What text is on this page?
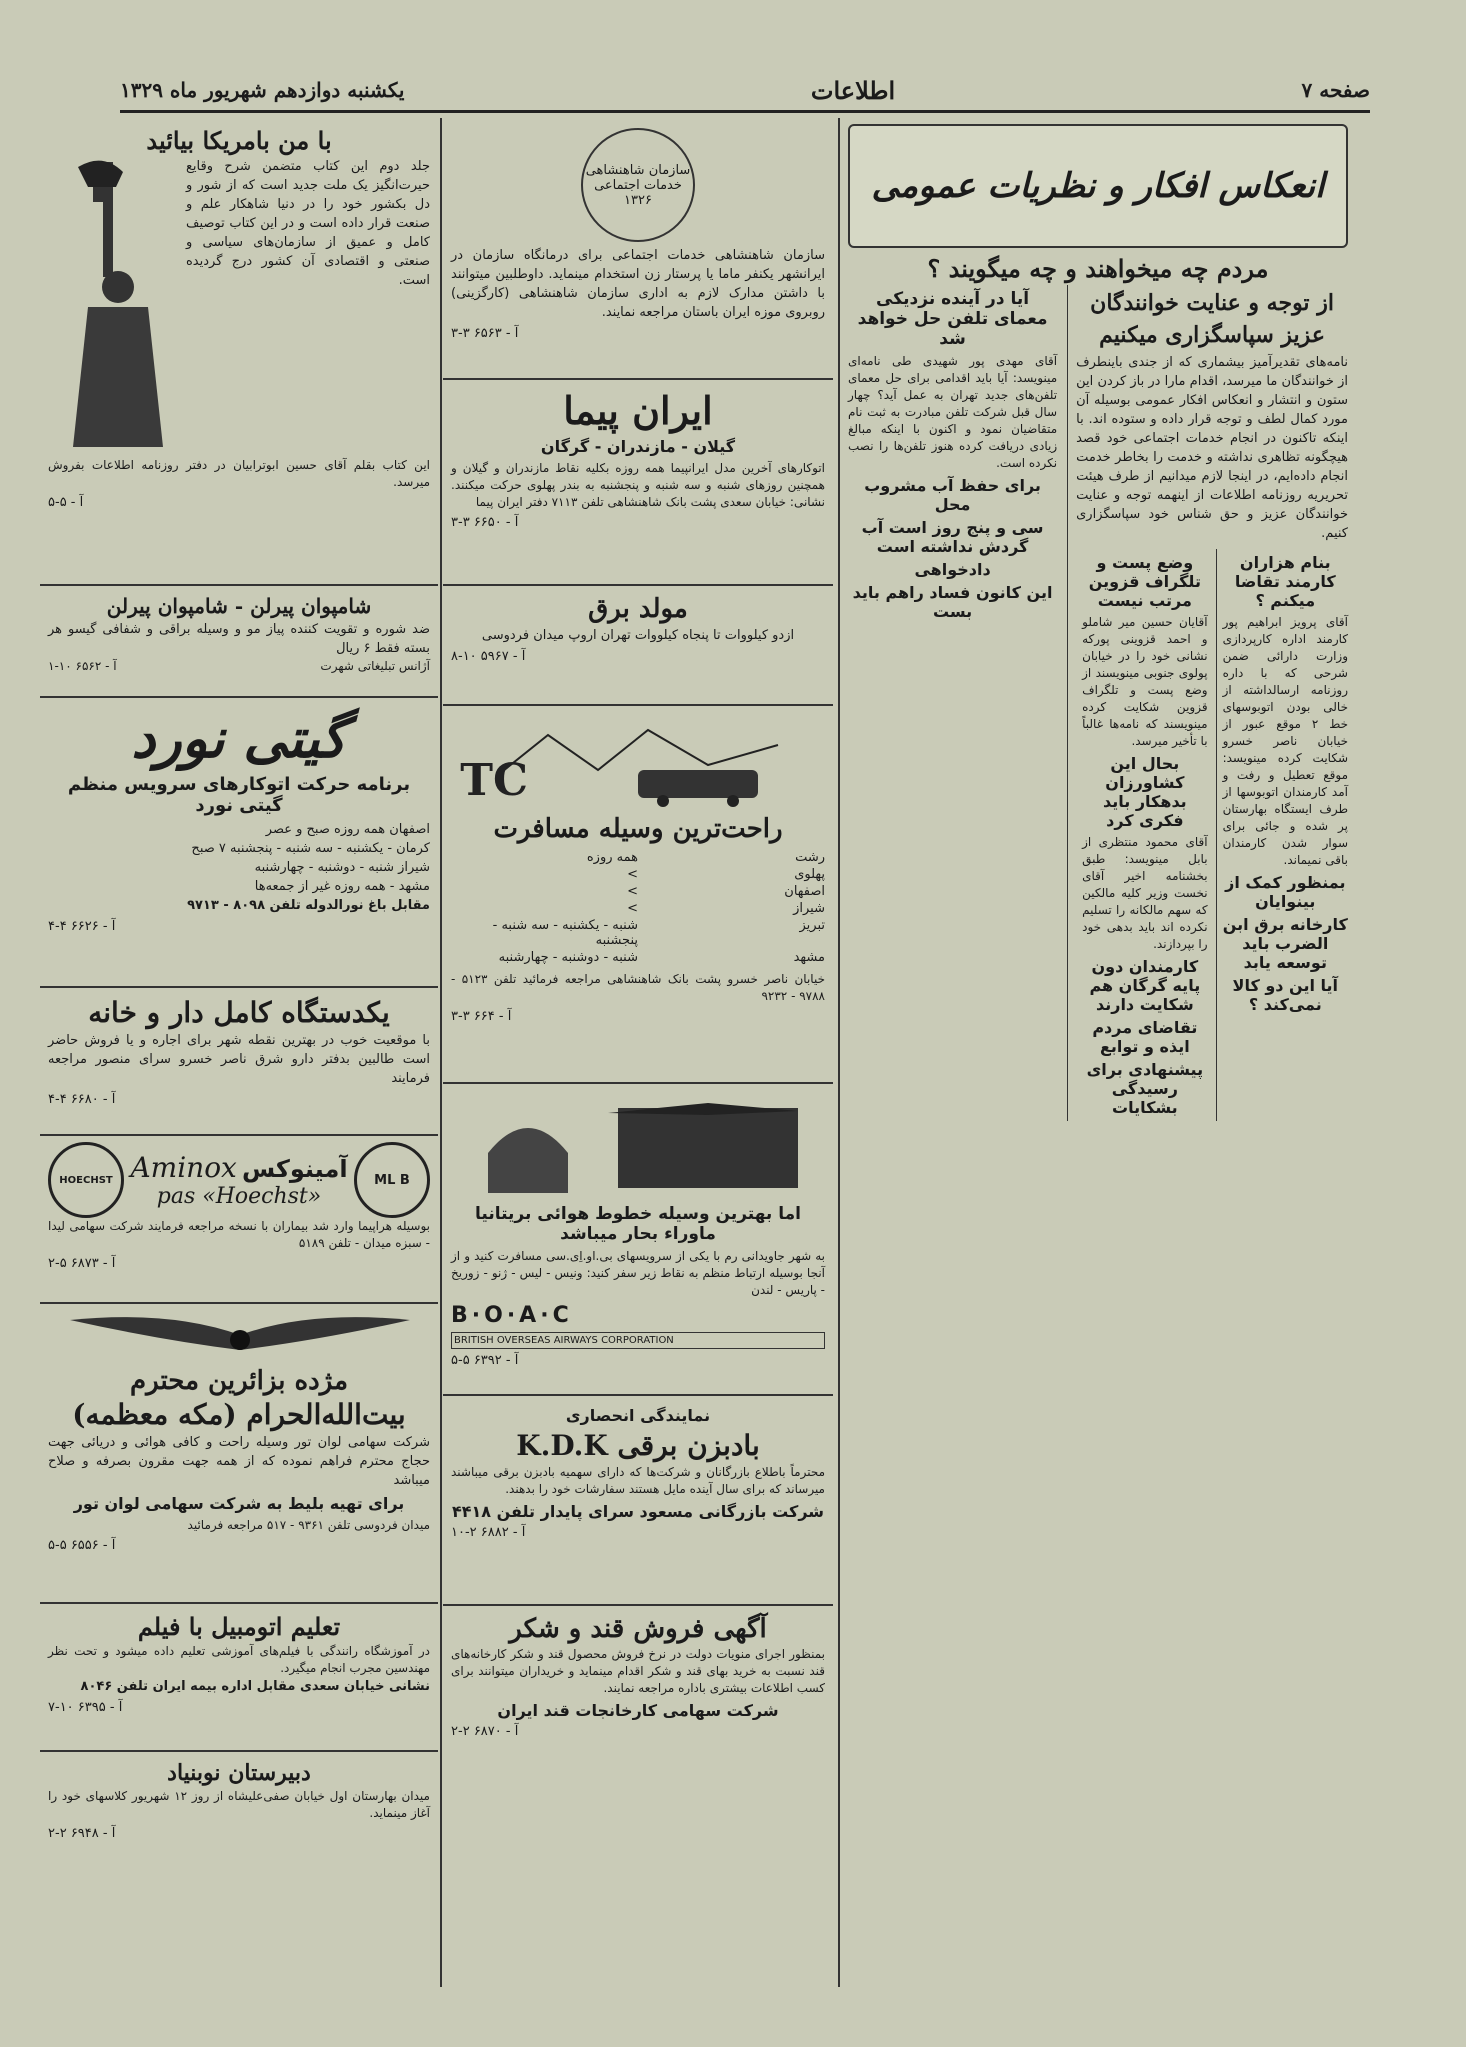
صفحه ۷
اطلاعات
یکشنبه دوازدهم شهریور ماه ۱۳۲۹
انعکاس افکار و نظریات عمومی
مردم چه میخواهند و چه میگویند ؟
از توجه و عنایت خوانندگان عزیز سپاسگزاری میکنیم
نامه‌های تقدیرآمیز بیشماری که از جندی باینطرف از خوانندگان ما میرسد، اقدام مارا در باز کردن این ستون و انتشار و انعکاس افکار عمومی بوسیله آن مورد کمال لطف و توجه قرار داده و ستوده اند. با اینکه تاکنون در انجام خدمات اجتماعی خود قصد هیچگونه تظاهری نداشته و خدمت را بخاطر خدمت انجام داده‌ایم، در اینجا لازم میدانیم از طرف هیئت تحریریه روزنامه اطلاعات از اینهمه توجه و عنایت خوانندگان عزیز و حق شناس خود سپاسگزاری کنیم.
بنام هزاران کارمند تقاضا میکنم ؟
آقای پرویز ابراهیم پور کارمند اداره کارپردازی وزارت دارائی ضمن شرحی که با داره روزنامه ارسالداشته از خالی بودن اتوبوسهای خط ۲ موقع عبور از خیابان ناصر خسرو شکایت کرده مینویسد: موقع تعطیل و رفت و آمد کارمندان اتوبوسها از طرف ایستگاه بهارستان پر شده و جائی برای سوار شدن کارمندان باقی نمیماند.
بمنظور کمک از بینوایان
کارخانه برق ابن الضرب باید توسعه یابد
آیا این دو کالا نمی‌کند ؟
وضع پست و تلگراف قزوین مرتب نیست
آقایان حسین میر شاملو و احمد قزوینی پورکه نشانی خود را در خیابان پولوی جنوبی مینویسند از وضع پست و تلگراف قزوین شکایت کرده مینویسند که نامه‌ها غالباً با تأخیر میرسد.
بحال این کشاورزان بدهکار باید فکری کرد
آقای محمود منتظری از بابل مینویسد: طبق بخشنامه اخیر آقای نخست وزیر کلیه مالکین که سهم مالکانه را تسلیم نکرده اند باید بدهی خود را بپردازند.
کارمندان دون پایه گرگان هم شکایت دارند
تقاضای مردم ایذه و توابع
پیشنهادی برای رسیدگی بشکایات
آیا در آینده نزدیکی معمای تلفن حل خواهد شد
آقای مهدی پور شهیدی طی نامه‌ای مینویسد: آیا باید اقدامی برای حل معمای تلفن‌های جدید تهران به عمل آید؟ چهار سال قبل شرکت تلفن مبادرت به ثبت نام متقاضیان نمود و اکنون با اینکه مبالغ زیادی دریافت کرده هنوز تلفن‌ها را نصب نکرده است.
برای حفظ آب مشروب محل
سی و پنج روز است آب گردش نداشته است
دادخواهی
این کانون فساد راهم باید بست
سازمان شاهنشاهی خدمات اجتماعی ۱۳۲۶
سازمان شاهنشاهی خدمات اجتماعی برای درمانگاه سازمان در ایرانشهر یکنفر ماما یا پرستار زن استخدام مینماید. داوطلبین میتوانند با داشتن مدارک لازم به اداری سازمان شاهنشاهی (کارگزینی) روبروی موزه ایران باستان مراجعه نمایند.
آ - ۶۵۶۳ ۳-۳
ایران پیما
گیلان - مازندران - گرگان
اتوکارهای آخرین مدل ایرانپیما همه روزه بکلیه نقاط مازندران و گیلان و همچنین روزهای شنبه و سه شنبه و پنجشنبه به بندر پهلوی حرکت میکنند. نشانی: خیابان سعدی پشت بانک شاهنشاهی تلفن ۷۱۱۳ دفتر ایران پیما
آ - ۶۶۵۰ ۳-۳
مولد برق
ازدو کیلووات تا پنجاه کیلووات تهران اروپ میدان فردوسی
آ - ۵۹۶۷ ۱۰-۸
TC
راحت‌ترین وسیله مسافرت
رشت
همه روزه
پهلوی
>
اصفهان
>
شیراز
>
تبریز
شنبه - یکشنبه - سه شنبه - پنجشنبه
مشهد
شنبه - دوشنبه - چهارشنبه
خیابان ناصر خسرو پشت بانک شاهنشاهی مراجعه فرمائید تلفن ۵۱۲۳ - ۹۷۸۸ - ۹۲۳۲
آ - ۶۶۴ ۳-۳
اما بهترین وسیله خطوط هوائی بریتانیا ماوراء بحار میباشد
به شهر جاویدانی رم با یکی از سرویسهای بی.او.اِی.سی مسافرت کنید و از آنجا بوسیله ارتباط منظم به نقاط زیر سفر کنید: ونیس - لیس - ژنو - زوریخ - پاریس - لندن
B·O·A·C
BRITISH OVERSEAS AIRWAYS CORPORATION
آ - ۶۳۹۲ ۵-۵
نمایندگی انحصاری
بادبزن برقی K.D.K
محترماً باطلاع بازرگانان و شرکت‌ها که دارای سهمیه بادبزن برقی میباشند میرساند که برای سال آینده مایل هستند سفارشات خود را بدهند.
شرکت بازرگانی مسعود سرای پایدار تلفن ۴۴۱۸
آ - ۶۸۸۲ ۲-۱۰
آگهی فروش قند و شکر
بمنظور اجرای منویات دولت در نرخ فروش محصول قند و شکر کارخانه‌های قند نسبت به خرید بهای قند و شکر اقدام مینماید و خریداران میتوانند برای کسب اطلاعات بیشتری باداره مراجعه نمایند.
شرکت سهامی کارخانجات قند ایران
آ - ۶۸۷۰ ۲-۲
با من بامریکا بیائید
جلد دوم این کتاب متضمن شرح وقایع حیرت‌انگیز یک ملت جدید است که از شور و دل بکشور خود را در دنیا شاهکار علم و صنعت قرار داده است و در این کتاب توصیف کامل و عمیق از سازمان‌های سیاسی و صنعتی و اقتصادی آن کشور درج گردیده است.
این کتاب بقلم آقای حسین ابوترابیان در دفتر روزنامه اطلاعات بفروش میرسد.
آ - ۵-۵
شامپوان پیرلن - شامپوان پیرلن
ضد شوره و تقویت کننده پیاز مو و وسیله براقی و شفافی گیسو هر بسته فقط ۶ ریال
آژانس تبلیغاتی شهرت
آ - ۶۵۶۲ ۱۰-۱
گیتی نورد
برنامه حرکت اتوکارهای سرویس منظم گیتی نورد
اصفهان همه روزه صبح و عصر
کرمان - یکشنبه - سه شنبه - پنجشنبه ۷ صبح
شیراز شنبه - دوشنبه - چهارشنبه
مشهد - همه روزه غیر از جمعه‌ها
مقابل باغ نورالدوله تلفن ۸۰۹۸ - ۹۷۱۳
آ - ۶۶۲۶ ۴-۴
یکدستگاه کامل دار و خانه
با موقعیت خوب در بهترین نقطه شهر برای اجاره و یا فروش حاضر است طالبین بدفتر دارو شرق ناصر خسرو سرای منصور مراجعه فرمایند
آ - ۶۶۸۰ ۴-۴
HOECHST Aminox آمینوکس
pas «Hoechst»
ML B
بوسیله هراپیما وارد شد بیماران با نسخه مراجعه فرمایند شرکت سهامی لیدا - سبزه میدان - تلفن ۵۱۸۹
آ - ۶۸۷۳ ۵-۲
مژده بزائرین محترم
بیت‌الله‌الحرام (مکه معظمه)
شرکت سهامی لوان تور وسیله راحت و کافی هوائی و دریائی جهت حجاج محترم فراهم نموده که از همه جهت مقرون بصرفه و صلاح میباشد
برای تهیه بلیط به شرکت سهامی لوان تور
میدان فردوسی تلفن ۹۳۶۱ - ۵۱۷ مراجعه فرمائید
آ - ۶۵۵۶ ۵-۵
تعلیم اتومبیل با فیلم
در آموزشگاه رانندگی با فیلم‌های آموزشی تعلیم داده میشود و تحت نظر مهندسین مجرب انجام میگیرد.
نشانی خیابان سعدی مقابل اداره بیمه ایران تلفن ۸۰۴۶
آ - ۶۳۹۵ ۱۰-۷
دبیرستان نوبنیاد
میدان بهارستان اول خیابان صفی‌علیشاه از روز ۱۲ شهریور کلاسهای خود را آغاز مینماید.
آ - ۶۹۴۸ ۲-۲
